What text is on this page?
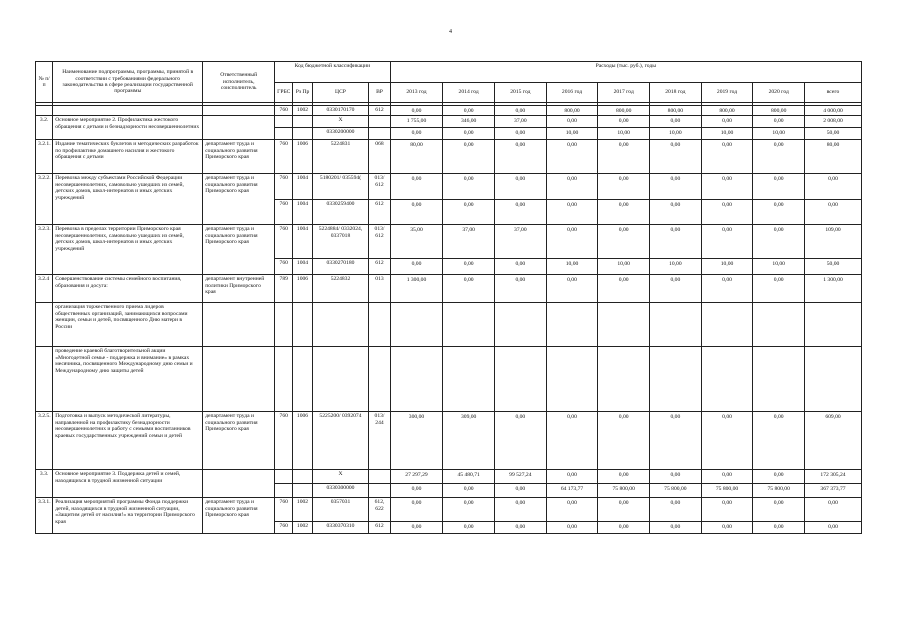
4
№ п/п	Наименование подпрограммы, программы, принятой в соответствии с требованиями федерального законодательства в сфере реализации государственной программы	Ответственный исполнитель, соисполнитель	Код бюджетной классификации				Расходы (тыс. руб.), годы								
			ГРБС	Рз Пр	ЦСР	ВР	2013 год	2014 год	2015 год	2016 год	2017 год	2018 год	2019 год	2020 год	всего

			760	1002	0330170170	612	0,00	0,00	0,00	800,00	800,00	800,00	800,00	800,00	4 000,00
3.2.	Основное мероприятие 2. Профилактика жестокого обращения с детьми и безнадзорности несовершеннолетних				Х		1 755,00	346,00	37,00	0,00	0,00	0,00	0,00	0,00	2 008,00
					0330200000		0,00	0,00	0,00	10,00	10,00	10,00	10,00	10,00	50,00
3.2.1.	Издание тематических буклетов и методических разработок по профилактике домашнего насилия и жестокого обращения с детьми	департамент труда и социального развития Приморского края	760	1006	5224831	068	80,00	0,00	0,00	0,00	0,00	0,00	0,00	0,00	80,00
3.2.2.	Перевозка между субъектами Российской Федерации несовершеннолетних, самовольно ушедших из семей, детских домов, школ-интернатов и иных детских учреждений	департамент труда и социального развития Приморского края	760	1004	5180201/ 035594(	013/ 612	0,00	0,00	0,00	0,00	0,00	0,00	0,00	0,00	0,00
			760	1004	0330259400	612	0,00	0,00	0,00	0,00	0,00	0,00	0,00	0,00	0,00
3.2.3.	Перевозка в пределах территории Приморского края несовершеннолетних, самовольно ушедших из семей, детских домов, школ-интернатов и иных детских учреждений	департамент труда и социального развития Приморского края	760	1004	5224884/ 0332024, 0337018	013/ 612	35,00	37,00	37,00	0,00	0,00	0,00	0,00	0,00	109,00
			760	1004	0330270180	612	0,00	0,00	0,00	10,00	10,00	10,00	10,00	10,00	50,00
3.2.4	Совершенствование системы семейного воспитания, образования и досуга:	департамент внутренней политики Приморского края	789	1006	5224832	013	1 300,00	0,00	0,00	0,00	0,00	0,00	0,00	0,00	1 300,00
	организация торжественного приема лидеров общественных организаций, занимающихся вопросами женщин, семьи и детей, посвященного Дню матери в России														
	проведение краевой благотворительной акции «Многодетной семье - поддержка и внимание» в рамках месячника, посвященного Международному дню семьи и Международному дню защиты детей														
3.2.5.	Подготовка и выпуск методической литературы, направленной на профилактику безнадзорности несовершеннолетних и работу с семьями воспитанников краевых государственных учреждений семьи и детей	департамент труда и социального развития Приморского края	760	1006	5225200/ 0392074	013/ 244	300,00	309,00	0,00	0,00	0,00	0,00	0,00	0,00	609,00
3.3.	Основное мероприятие 3. Поддержка детей и семей, находящихся в трудной жизненной ситуации				Х		27 297,29	45 480,71	99 527,24	0,00	0,00	0,00	0,00	0,00	172 305,24
					0330300000		0,00	0,00	0,00	64 173,77	75 800,00	75 800,00	75 800,00	75 800,00	367 373,77
3.3.1.	Реализация мероприятий программы Фонда поддержки детей, находящихся в трудной жизненной ситуации, «Защитим детей от насилия!» на территории Приморского края	департамент труда и социального развития Приморского края	760	1002	0357031	612, 622	0,00	0,00	0,00	0,00	0,00	0,00	0,00	0,00	0,00
			760	1002	0330370310	612	0,00	0,00	0,00	0,00	0,00	0,00	0,00	0,00	0,00
